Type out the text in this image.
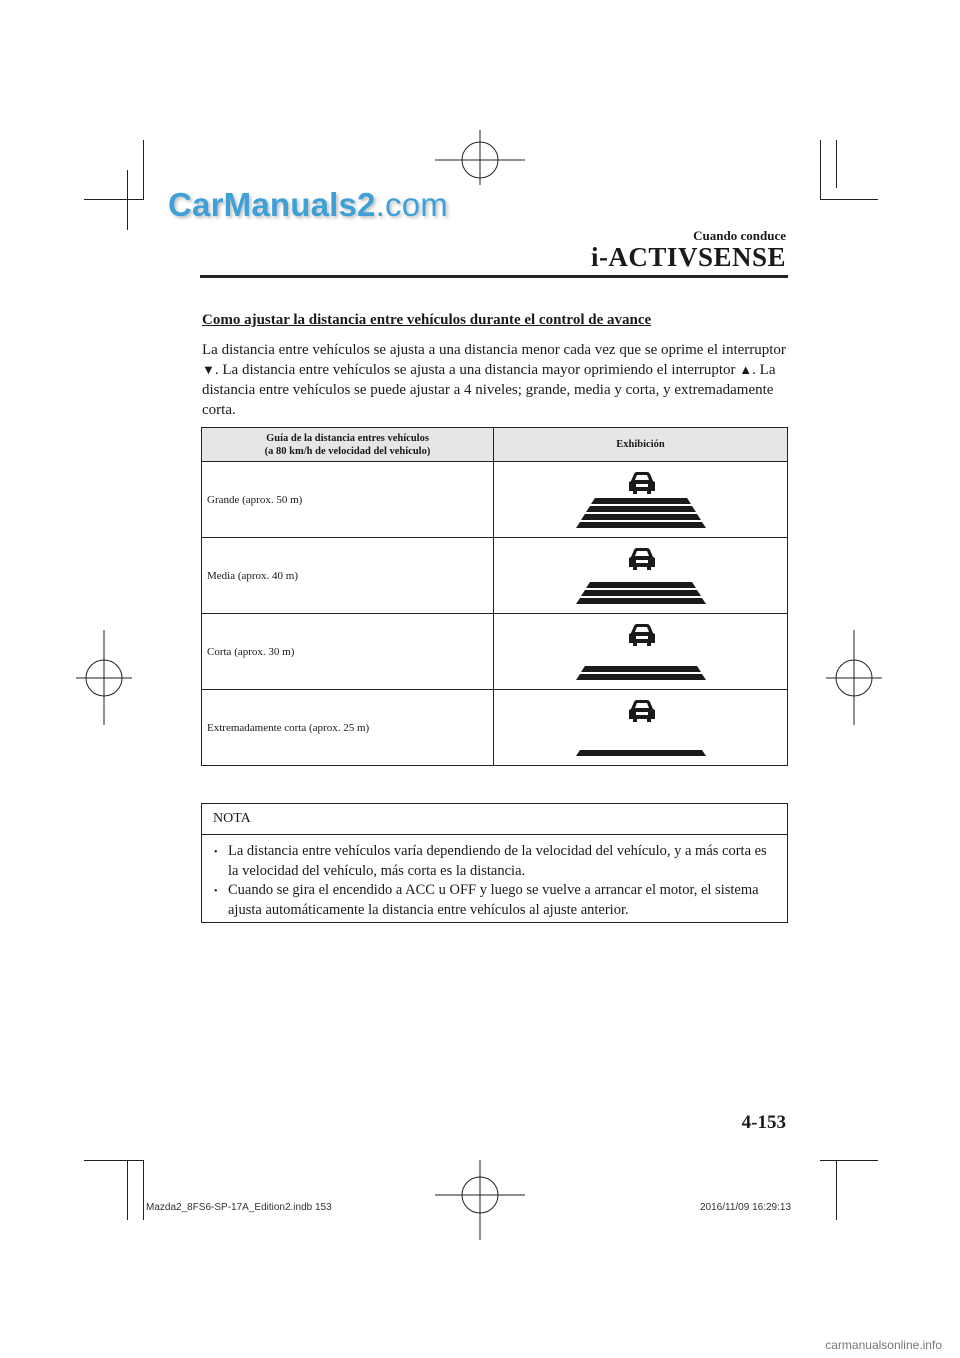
CarManuals2.com
Cuando conduce
i-ACTIVSENSE
Como ajustar la distancia entre vehículos durante el control de avance
La distancia entre vehículos se ajusta a una distancia menor cada vez que se oprime el interruptor ▼. La distancia entre vehículos se ajusta a una distancia mayor oprimiendo el interruptor ▲. La distancia entre vehículos se puede ajustar a 4 niveles; grande, media y corta, y extremadamente corta.
Guía de la distancia entres vehículos
(a 80 km/h de velocidad del vehículo)	Exhibición
Grande (aprox. 50 m)	

Media (aprox. 40 m)	

Corta (aprox. 30 m)	

Extremadamente corta (aprox. 25 m)	
NOTA
• La distancia entre vehículos varía dependiendo de la velocidad del vehículo, y a más corta es la velocidad del vehículo, más corta es la distancia.
• Cuando se gira el encendido a ACC u OFF y luego se vuelve a arrancar el motor, el sistema ajusta automáticamente la distancia entre vehículos al ajuste anterior.
4-153
Mazda2_8FS6-SP-17A_Edition2.indb 153	2016/11/09 16:29:13
carmanualsonline.info
